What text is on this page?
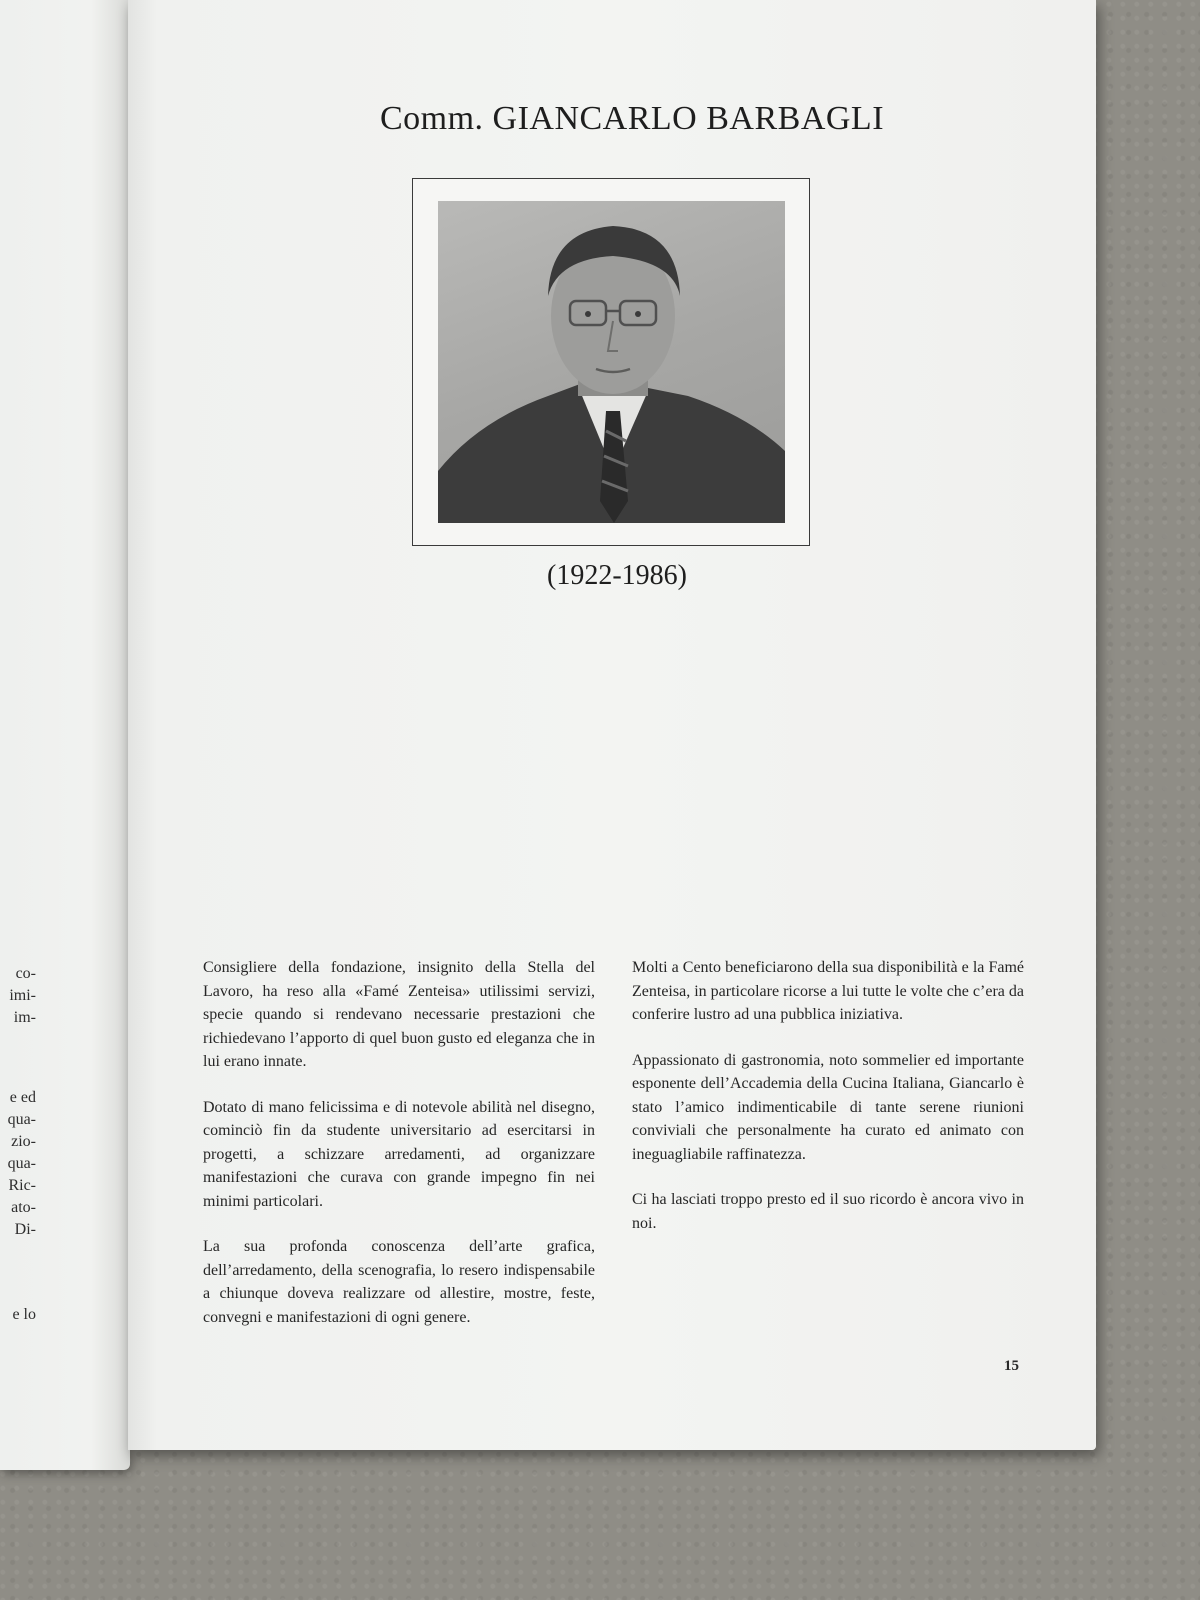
co-
imi-
im-
e ed
qua-
zio-
qua-
Ric-
ato-
Di-
e lo
Comm. GIANCARLO BARBAGLI
(1922-1986)

Consigliere della fondazione, insignito della Stella del Lavoro, ha reso alla «Famé Zenteisa» utilissimi servizi, specie quando si rendevano necessarie prestazioni che richiedevano l’apporto di quel buon gusto ed eleganza che in lui erano innate.

Dotato di mano felicissima e di notevole abilità nel disegno, cominciò fin da studente universitario ad esercitarsi in progetti, a schizzare arredamenti, ad organizzare manifestazioni che curava con grande impegno fin nei minimi particolari.

La sua profonda conoscenza dell’arte grafica, dell’arredamento, della scenografia, lo resero indispensabile a chiunque doveva realizzare od allestire, mostre, feste, convegni e manifestazioni di ogni genere.

Molti a Cento beneficiarono della sua disponibilità e la Famé Zenteisa, in particolare ricorse a lui tutte le volte che c’era da conferire lustro ad una pubblica iniziativa.

Appassionato di gastronomia, noto sommelier ed importante esponente dell’Accademia della Cucina Italiana, Giancarlo è stato l’amico indimenticabile di tante serene riunioni conviviali che personalmente ha curato ed animato con ineguagliabile raffinatezza.

Ci ha lasciati troppo presto ed il suo ricordo è ancora vivo in noi.

15
